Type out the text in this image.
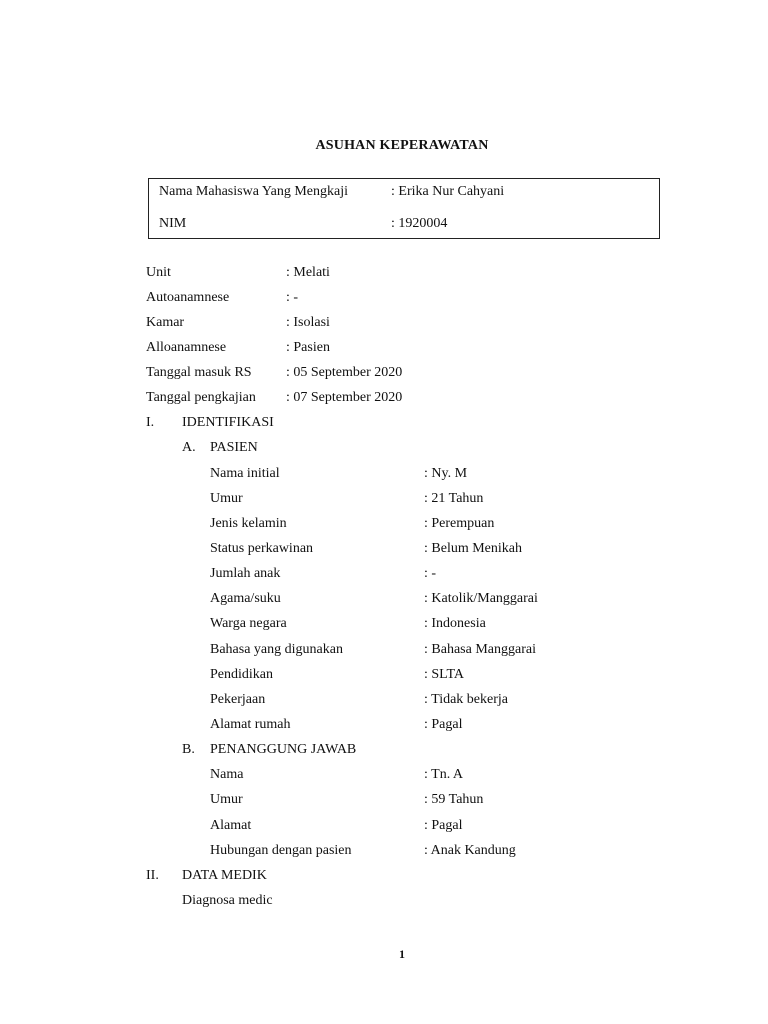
ASUHAN KEPERAWATAN
Nama Mahasiswa Yang Mengkaji	: Erika Nur Cahyani
NIM	: 1920004
Unit	: Melati
Autoanamnese	: -
Kamar	: Isolasi
Alloanamnese	: Pasien
Tanggal masuk RS : 05 September 2020
Tanggal pengkajian : 07 September 2020
I. IDENTIFIKASI
A. PASIEN
Nama initial	: Ny. M
Umur	: 21 Tahun
Jenis kelamin	: Perempuan
Status perkawinan	: Belum Menikah
Jumlah anak	: -
Agama/suku	: Katolik/Manggarai
Warga negara	: Indonesia
Bahasa yang digunakan	: Bahasa Manggarai
Pendidikan	: SLTA
Pekerjaan	: Tidak bekerja
Alamat rumah	: Pagal
B. PENANGGUNG JAWAB
Nama	: Tn. A
Umur	: 59 Tahun
Alamat	: Pagal
Hubungan dengan pasien	: Anak Kandung
II. DATA MEDIK
Diagnosa medic
1
